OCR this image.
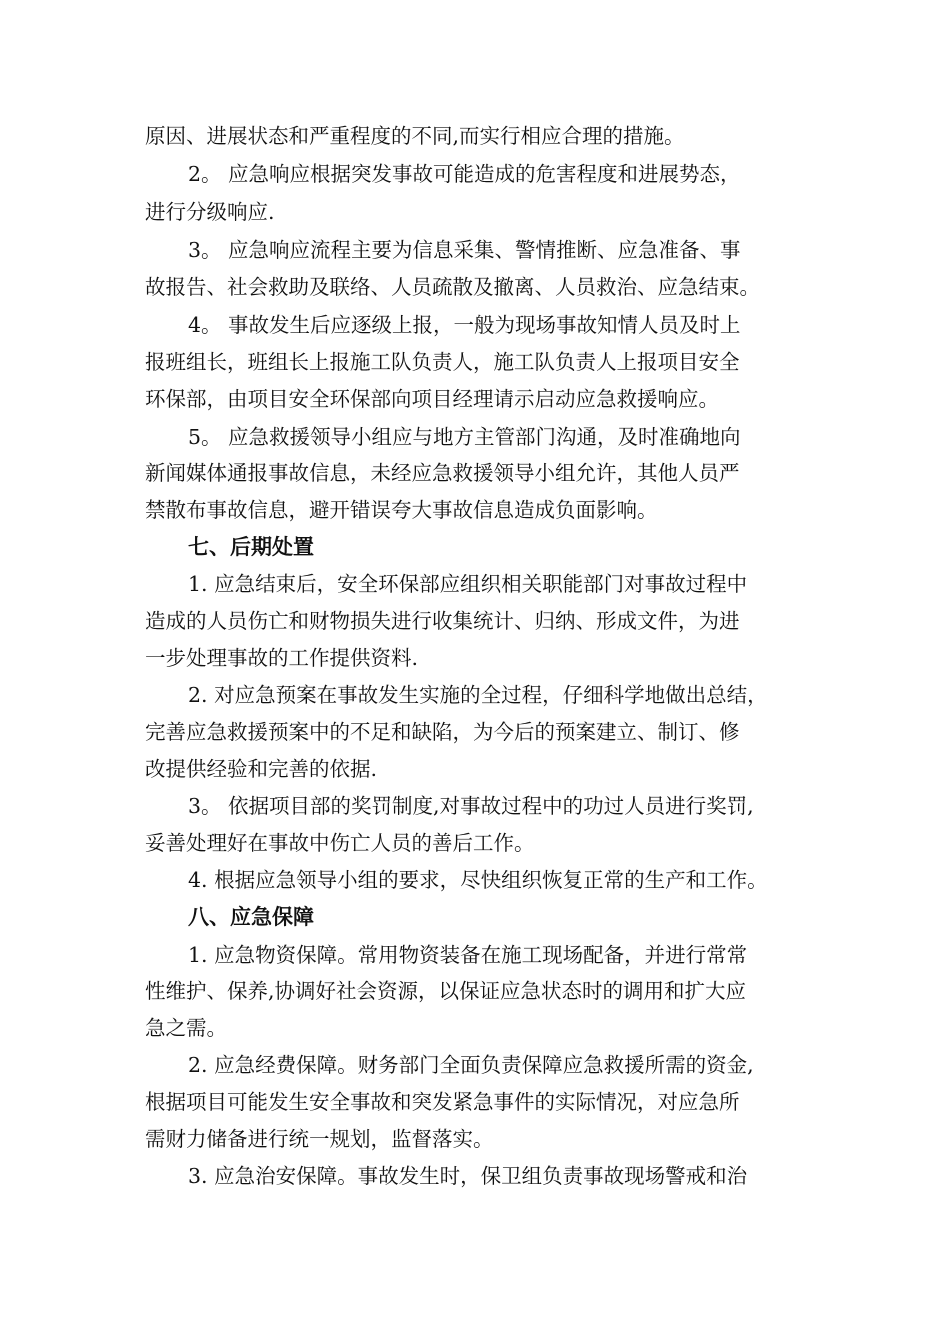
原因、进展状态和严重程度的不同,而实行相应合理的措施。
2。 应急响应根据突发事故可能造成的危害程度和进展势态，
进行分级响应.
3。 应急响应流程主要为信息采集、警情推断、应急准备、事
故报告、社会救助及联络、人员疏散及撤离、人员救治、应急结束。
4。 事故发生后应逐级上报，一般为现场事故知情人员及时上
报班组长，班组长上报施工队负责人，施工队负责人上报项目安全
环保部，由项目安全环保部向项目经理请示启动应急救援响应。
5。 应急救援领导小组应与地方主管部门沟通，及时准确地向
新闻媒体通报事故信息，未经应急救援领导小组允许，其他人员严
禁散布事故信息，避开错误夸大事故信息造成负面影响。
七、后期处置
1. 应急结束后，安全环保部应组织相关职能部门对事故过程中
造成的人员伤亡和财物损失进行收集统计、归纳、形成文件，为进
一步处理事故的工作提供资料.
2. 对应急预案在事故发生实施的全过程，仔细科学地做出总结，
完善应急救援预案中的不足和缺陷，为今后的预案建立、制订、修
改提供经验和完善的依据.
3。 依据项目部的奖罚制度,对事故过程中的功过人员进行奖罚,
妥善处理好在事故中伤亡人员的善后工作。
4. 根据应急领导小组的要求，尽快组织恢复正常的生产和工作。
八、应急保障
1. 应急物资保障。常用物资装备在施工现场配备，并进行常常
性维护、保养,协调好社会资源，以保证应急状态时的调用和扩大应
急之需。
2. 应急经费保障。财务部门全面负责保障应急救援所需的资金,
根据项目可能发生安全事故和突发紧急事件的实际情况，对应急所
需财力储备进行统一规划，监督落实。
3. 应急治安保障。事故发生时，保卫组负责事故现场警戒和治
